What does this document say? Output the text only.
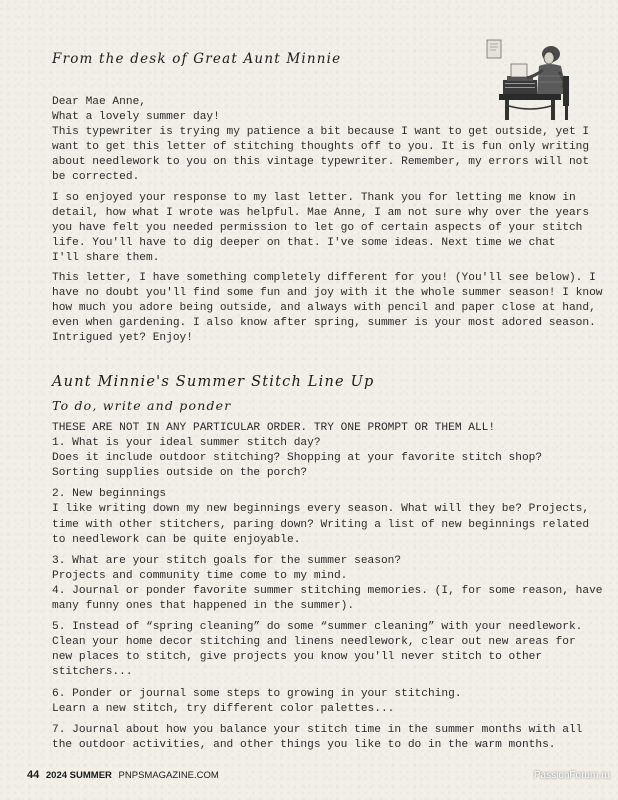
From the desk of Great Aunt Minnie
Dear Mae Anne,
What a lovely summer day!
This typewriter is trying my patience a bit because I want to get outside, yet I
want to get this letter of stitching thoughts off to you. It is fun only writing
about needlework to you on this vintage typewriter. Remember, my errors will not
be corrected.
I so enjoyed your response to my last letter. Thank you for letting me know in
detail, how what I wrote was helpful. Mae Anne, I am not sure why over the years
you have felt you needed permission to let go of certain aspects of your stitch
life. You'll have to dig deeper on that. I've some ideas. Next time we chat
I'll share them.
This letter, I have something completely different for you! (You'll see below). I
have no doubt you'll find some fun and joy with it the whole summer season! I know
how much you adore being outside, and always with pencil and paper close at hand,
even when gardening. I also know after spring, summer is your most adored season.
Intrigued yet? Enjoy!
Aunt Minnie's Summer Stitch Line Up
To do, write and ponder
THESE ARE NOT IN ANY PARTICULAR ORDER. TRY ONE PROMPT OR THEM ALL!
1. What is your ideal summer stitch day?
Does it include outdoor stitching? Shopping at your favorite stitch shop?
Sorting supplies outside on the porch?
2. New beginnings
I like writing down my new beginnings every season. What will they be? Projects,
time with other stitchers, paring down? Writing a list of new beginnings related
to needlework can be quite enjoyable.
3. What are your stitch goals for the summer season?
Projects and community time come to my mind.
4. Journal or ponder favorite summer stitching memories. (I, for some reason, have
many funny ones that happened in the summer).
5. Instead of “spring cleaning” do some “summer cleaning” with your needlework.
Clean your home decor stitching and linens needlework, clear out new areas for
new places to stitch, give projects you know you'll never stitch to other
stitchers...
6. Ponder or journal some steps to growing in your stitching.
Learn a new stitch, try different color palettes...
7. Journal about how you balance your stitch time in the summer months with all
the outdoor activities, and other things you like to do in the warm months.
44 2024 SUMMER PNPSMAGAZINE.COM	PassionForum.ru
